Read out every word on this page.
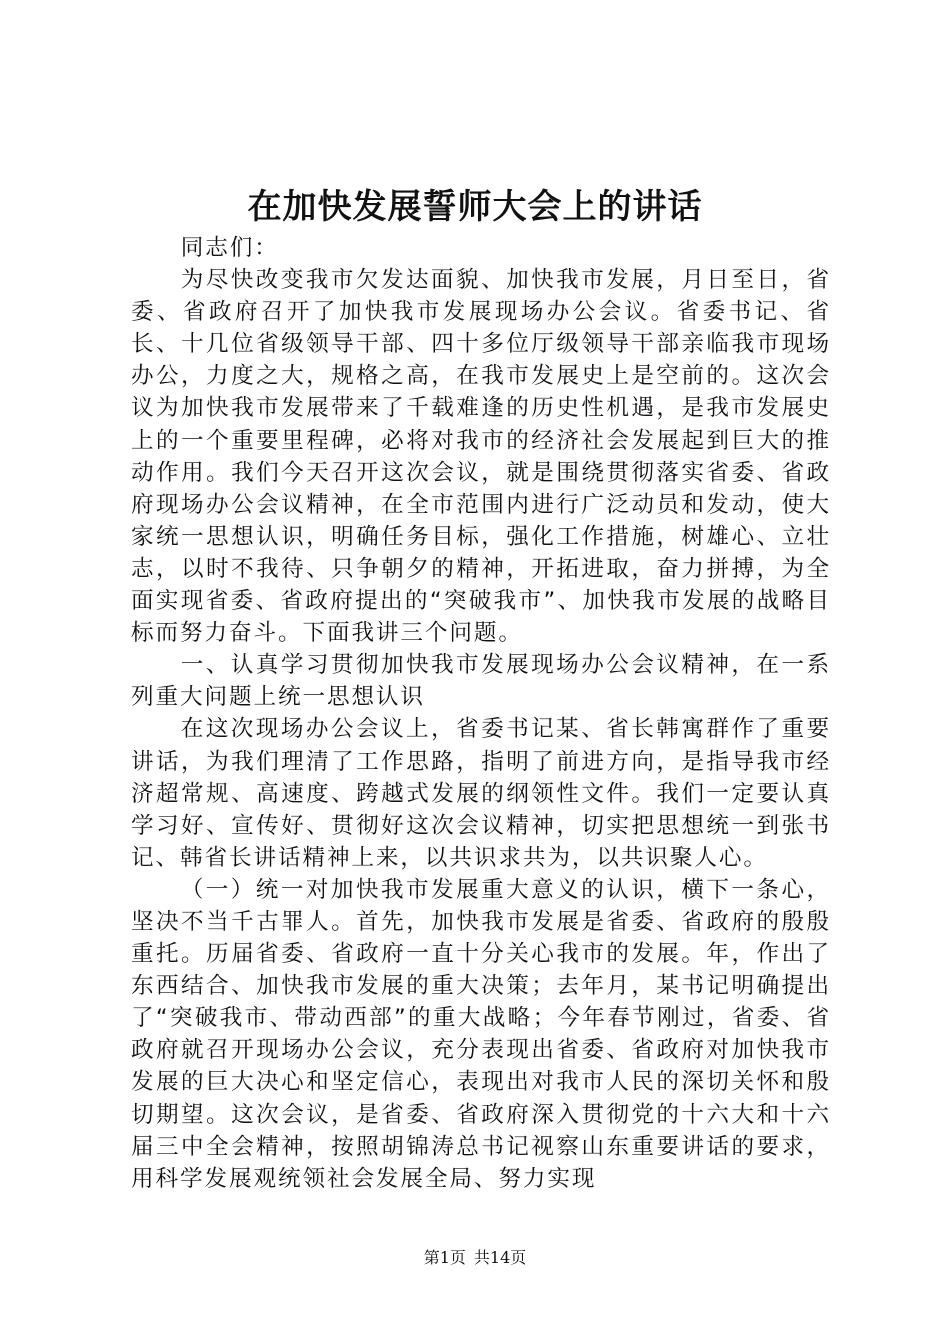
在加快发展誓师大会上的讲话

同志们：

为尽快改变我市欠发达面貌、加快我市发展，月日至日，省委、省政府召开了加快我市发展现场办公会议。省委书记、省长、十几位省级领导干部、四十多位厅级领导干部亲临我市现场办公，力度之大，规格之高，在我市发展史上是空前的。这次会议为加快我市发展带来了千载难逢的历史性机遇，是我市发展史上的一个重要里程碑，必将对我市的经济社会发展起到巨大的推动作用。我们今天召开这次会议，就是围绕贯彻落实省委、省政府现场办公会议精神，在全市范围内进行广泛动员和发动，使大家统一思想认识，明确任务目标，强化工作措施，树雄心、立壮志，以时不我待、只争朝夕的精神，开拓进取，奋力拼搏，为全面实现省委、省政府提出的“突破我市”、加快我市发展的战略目标而努力奋斗。下面我讲三个问题。

一、认真学习贯彻加快我市发展现场办公会议精神，在一系列重大问题上统一思想认识

在这次现场办公会议上，省委书记某、省长韩寓群作了重要讲话，为我们理清了工作思路，指明了前进方向，是指导我市经济超常规、高速度、跨越式发展的纲领性文件。我们一定要认真学习好、宣传好、贯彻好这次会议精神，切实把思想统一到张书记、韩省长讲话精神上来，以共识求共为，以共识聚人心。

（一）统一对加快我市发展重大意义的认识，横下一条心，坚决不当千古罪人。首先，加快我市发展是省委、省政府的殷殷重托。历届省委、省政府一直十分关心我市的发展。年，作出了东西结合、加快我市发展的重大决策；去年月，某书记明确提出了“突破我市、带动西部”的重大战略；今年春节刚过，省委、省政府就召开现场办公会议，充分表现出省委、省政府对加快我市发展的巨大决心和坚定信心，表现出对我市人民的深切关怀和殷切期望。这次会议，是省委、省政府深入贯彻党的十六大和十六届三中全会精神，按照胡锦涛总书记视察山东重要讲话的要求，用科学发展观统领社会发展全局、努力实现

第1页 共14页
